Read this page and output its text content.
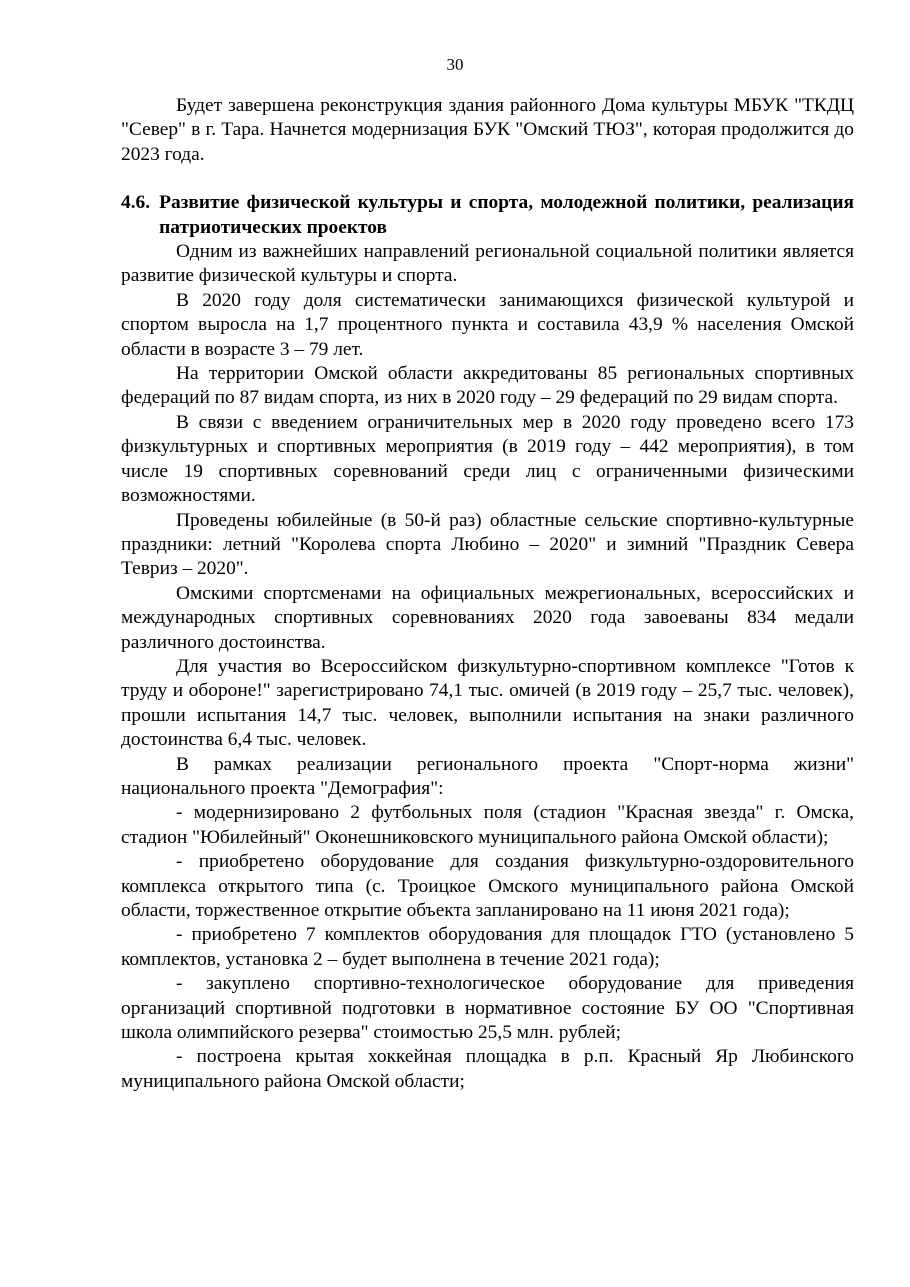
30

Будет завершена реконструкция здания районного Дома культуры МБУК "ТКДЦ "Север" в г. Тара. Начнется модернизация БУК "Омский ТЮЗ", которая продолжится до 2023 года.

4.6. Развитие физической культуры и спорта, молодежной политики, реализация патриотических проектов

Одним из важнейших направлений региональной социальной политики является развитие физической культуры и спорта.

В 2020 году доля систематически занимающихся физической культурой и спортом выросла на 1,7 процентного пункта и составила 43,9 % населения Омской области в возрасте 3 – 79 лет.

На территории Омской области аккредитованы 85 региональных спортивных федераций по 87 видам спорта, из них в 2020 году – 29 федераций по 29 видам спорта.

В связи с введением ограничительных мер в 2020 году проведено всего 173 физкультурных и спортивных мероприятия (в 2019 году – 442 мероприятия), в том числе 19 спортивных соревнований среди лиц с ограниченными физическими возможностями.

Проведены юбилейные (в 50-й раз) областные сельские спортивно-культурные праздники: летний "Королева спорта Любино – 2020" и зимний "Праздник Севера Тевриз – 2020".

Омскими спортсменами на официальных межрегиональных, всероссийских и международных спортивных соревнованиях 2020 года завоеваны 834 медали различного достоинства.

Для участия во Всероссийском физкультурно-спортивном комплексе "Готов к труду и обороне!" зарегистрировано 74,1 тыс. омичей (в 2019 году – 25,7 тыс. человек), прошли испытания 14,7 тыс. человек, выполнили испытания на знаки различного достоинства 6,4 тыс. человек.

В рамках реализации регионального проекта "Спорт-норма жизни" национального проекта "Демография":

- модернизировано 2 футбольных поля (стадион "Красная звезда" г. Омска, стадион "Юбилейный" Оконешниковского муниципального района Омской области);

- приобретено оборудование для создания физкультурно-оздоровительного комплекса открытого типа (с. Троицкое Омского муниципального района Омской области, торжественное открытие объекта запланировано на 11 июня 2021 года);

- приобретено 7 комплектов оборудования для площадок ГТО (установлено 5 комплектов, установка 2 – будет выполнена в течение 2021 года);

- закуплено спортивно-технологическое оборудование для приведения организаций спортивной подготовки в нормативное состояние БУ ОО "Спортивная школа олимпийского резерва" стоимостью 25,5 млн. рублей;

- построена крытая хоккейная площадка в р.п. Красный Яр Любинского муниципального района Омской области;
